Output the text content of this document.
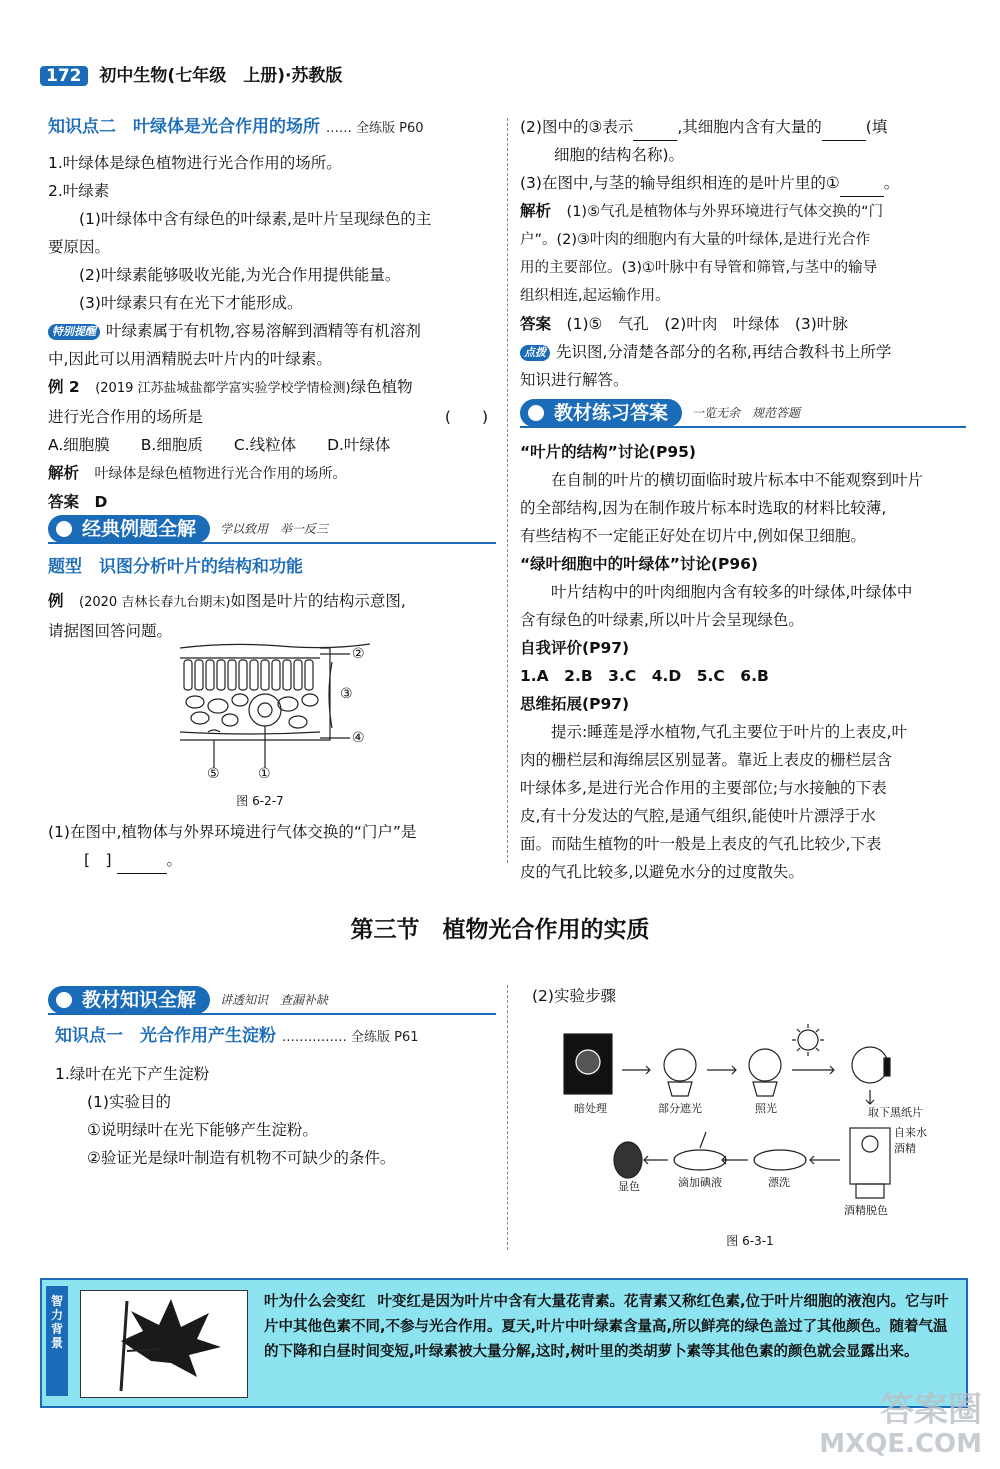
172 初中生物(七年级　上册)·苏教版
知识点二　叶绿体是光合作用的场所 …… 全练版 P60
1.叶绿体是绿色植物进行光合作用的场所。
2.叶绿素
(1)叶绿体中含有绿色的叶绿素,是叶片呈现绿色的主
要原因。
(2)叶绿素能够吸收光能,为光合作用提供能量。
(3)叶绿素只有在光下才能形成。
特别提醒 叶绿素属于有机物,容易溶解到酒精等有机溶剂
中,因此可以用酒精脱去叶片内的叶绿素。
例 2　 (2019 江苏盐城盐都学富实验学校学情检测)绿色植物
进行光合作用的场所是	(　　)
A.细胞膜　　B.细胞质　　C.线粒体　　D.叶绿体
解析　 叶绿体是绿色植物进行光合作用的场所。
答案　 D
经典例题全解	学以致用　举一反三
题型　识图分析叶片的结构和功能
例　 (2020 吉林长春九台期末)如图是叶片的结构示意图,
请据图回答问题。
②
③
④
⑤	①
图 6-2-7
(1)在图中,植物体与外界环境进行气体交换的“门户”是
[　]	。
(2)图中的③表示	,其细胞内含有大量的	(填
细胞的结构名称)。
(3)在图中,与茎的输导组织相连的是叶片里的①	。
解析　 (1)⑤气孔是植物体与外界环境进行气体交换的“门
户”。(2)③叶肉的细胞内有大量的叶绿体,是进行光合作
用的主要部位。(3)①叶脉中有导管和筛管,与茎中的输导
组织相连,起运输作用。
答案　 (1)⑤　气孔　(2)叶肉　叶绿体　(3)叶脉
点拨 先识图,分清楚各部分的名称,再结合教科书上所学
知识进行解答。
教材练习答案	一览无余　规范答题
“叶片的结构”讨论(P95)
在自制的叶片的横切面临时玻片标本中不能观察到叶片
的全部结构,因为在制作玻片标本时选取的材料比较薄,
有些结构不一定能正好处在切片中,例如保卫细胞。
“绿叶细胞中的叶绿体”讨论(P96)
叶片结构中的叶肉细胞内含有较多的叶绿体,叶绿体中
含有绿色的叶绿素,所以叶片会呈现绿色。
自我评价(P97)
1.A　2.B　3.C　4.D　5.C　6.B
思维拓展(P97)
提示:睡莲是浮水植物,气孔主要位于叶片的上表皮,叶
肉的栅栏层和海绵层区别显著。靠近上表皮的栅栏层含
叶绿体多,是进行光合作用的主要部位;与水接触的下表
皮,有十分发达的气腔,是通气组织,能使叶片漂浮于水
面。而陆生植物的叶一般是上表皮的气孔比较少,下表
皮的气孔比较多,以避免水分的过度散失。
第三节　植物光合作用的实质
教材知识全解	讲透知识　查漏补缺
知识点一　光合作用产生淀粉 …………… 全练版 P61
1.绿叶在光下产生淀粉
(1)实验目的
①说明绿叶在光下能够产生淀粉。
②验证光是绿叶制造有机物不可缺少的条件。
(2)实验步骤
暗处理	部分遮光	照光	取下黑纸片
自来水
酒精
酒精脱色
漂洗
滴加碘液
显色
图 6-3-1
智力背景
叶为什么会变红 叶变红是因为叶片中含有大量花青素。花青素又称红色素,位于叶片细胞的液泡内。它与叶片中其他色素不同,不参与光合作用。夏天,叶片中叶绿素含量高,所以鲜亮的绿色盖过了其他颜色。随着气温的下降和白昼时间变短,叶绿素被大量分解,这时,树叶里的类胡萝卜素等其他色素的颜色就会显露出来。
答案圈
MXQE.COM
